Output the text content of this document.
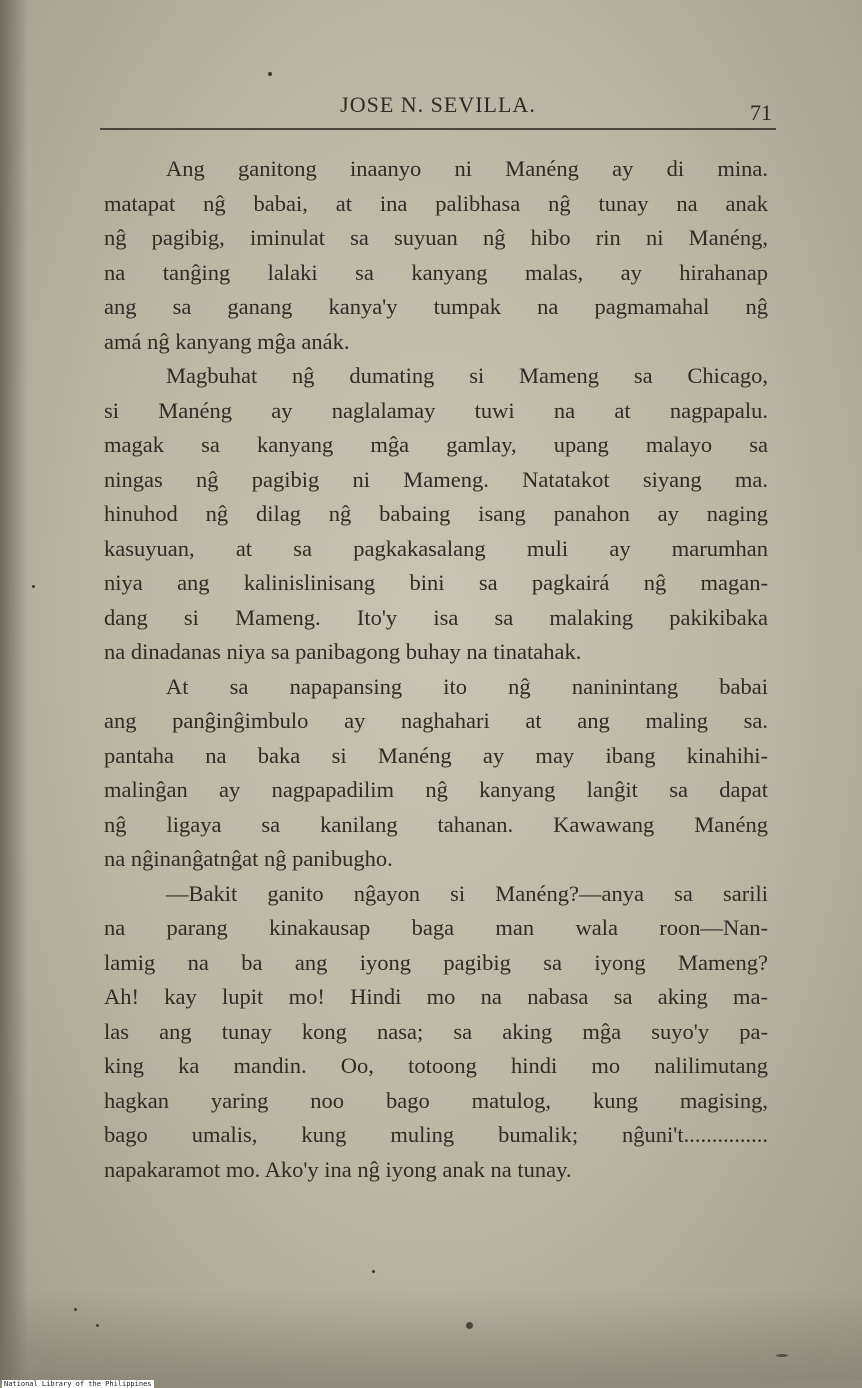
JOSE N. SEVILLA.	71
Ang ganitong inaanyo ni Manéng ay di mina.
matapat nĝ babai, at ina palibhasa nĝ tunay na anak
nĝ pagibig, iminulat sa suyuan nĝ hibo rin ni Manéng,
na tanĝing lalaki sa kanyang malas, ay hirahanap
ang sa ganang kanya'y tumpak na pagmamahal nĝ
amá nĝ kanyang mĝa anák.
Magbuhat nĝ dumating si Mameng sa Chicago,
si Manéng ay naglalamay tuwi na at nagpapalu.
magak sa kanyang mĝa gamlay, upang malayo sa
ningas nĝ pagibig ni Mameng. Natatakot siyang ma.
hinuhod nĝ dilag nĝ babaing isang panahon ay naging
kasuyuan, at sa pagkakasalang muli ay marumhan
niya ang kalinislinisang bini sa pagkairá nĝ magan-
dang si Mameng. Ito'y isa sa malaking pakikibaka
na dinadanas niya sa panibagong buhay na tinatahak.
At sa napapansing ito nĝ naninintang babai
ang panĝinĝimbulo ay naghahari at ang maling sa.
pantaha na baka si Manéng ay may ibang kinahihi-
malinĝan ay nagpapadilim nĝ kanyang lanĝit sa dapat
nĝ ligaya sa kanilang tahanan. Kawawang Manéng
na nĝinanĝatnĝat nĝ panibugho.
—Bakit ganito nĝayon si Manéng?—anya sa sarili
na parang kinakausap baga man wala roon—Nan-
lamig na ba ang iyong pagibig sa iyong Mameng?
Ah! kay lupit mo! Hindi mo na nabasa sa aking ma-
las ang tunay kong nasa; sa aking mĝa suyo'y pa-
king ka mandin. Oo, totoong hindi mo nalilimutang
hagkan yaring noo bago matulog, kung magising,
bago umalis, kung muling bumalik; nĝuni't...............
napakaramot mo. Ako'y ina nĝ iyong anak na tunay.
National Library of the Philippines
